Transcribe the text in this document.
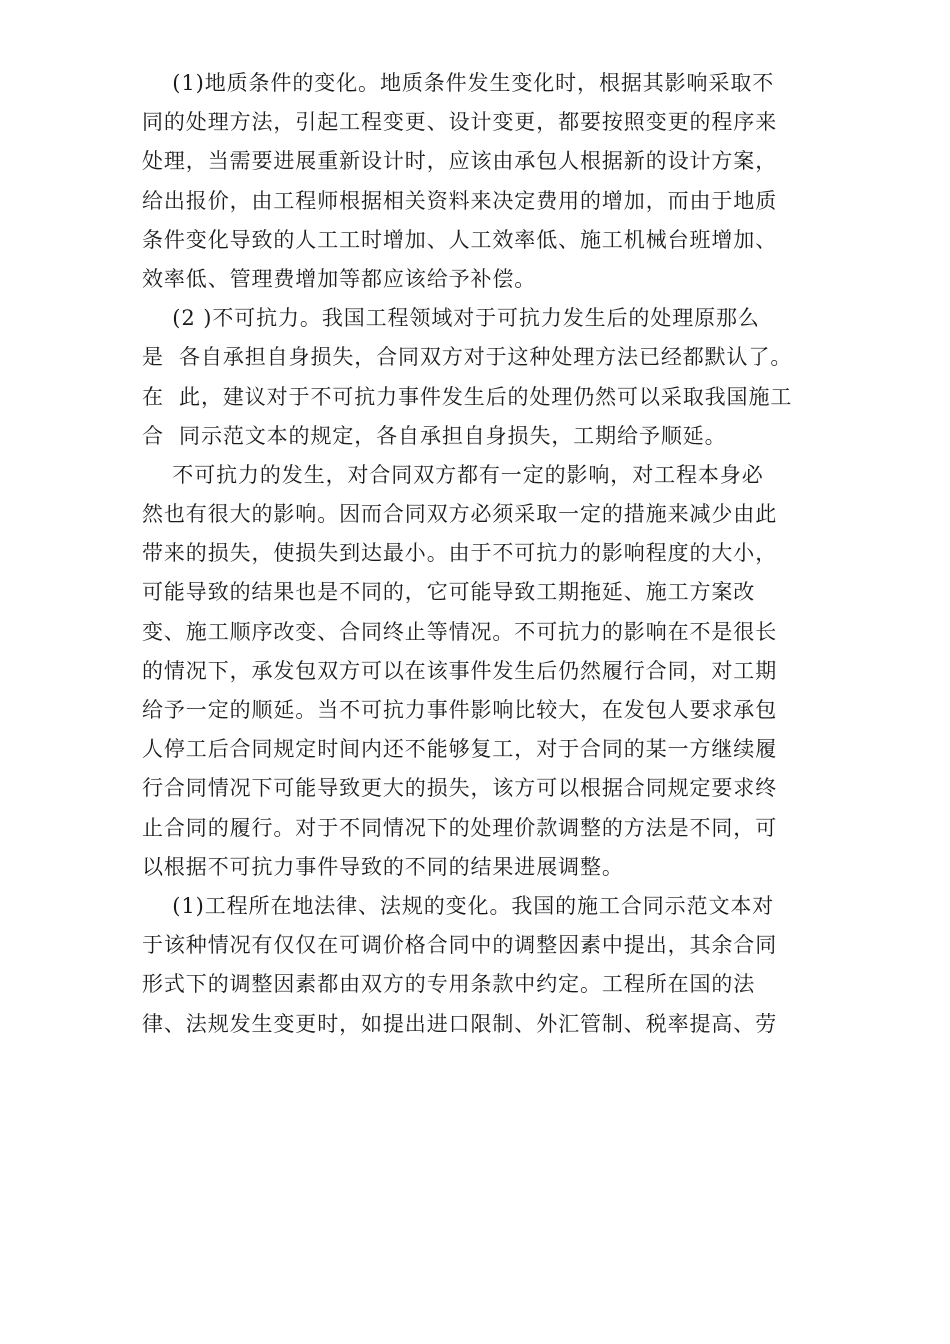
(1)地质条件的变化。地质条件发生变化时，根据其影响采取不
同的处理方法，引起工程变更、设计变更，都要按照变更的程序来
处理，当需要进展重新设计时，应该由承包人根据新的设计方案，
给出报价，由工程师根据相关资料来决定费用的增加，而由于地质
条件变化导致的人工工时增加、人工效率低、施工机械台班增加、
效率低、管理费增加等都应该给予补偿。
(2 )不可抗力。我国工程领域对于可抗力发生后的处理原那么
是  各自承担自身损失，合同双方对于这种处理方法已经都默认了。
在  此，建议对于不可抗力事件发生后的处理仍然可以采取我国施工
合  同示范文本的规定，各自承担自身损失，工期给予顺延。
不可抗力的发生，对合同双方都有一定的影响，对工程本身必
然也有很大的影响。因而合同双方必须采取一定的措施来减少由此
带来的损失，使损失到达最小。由于不可抗力的影响程度的大小，
可能导致的结果也是不同的，它可能导致工期拖延、施工方案改
变、施工顺序改变、合同终止等情况。不可抗力的影响在不是很长
的情况下，承发包双方可以在该事件发生后仍然履行合同，对工期
给予一定的顺延。当不可抗力事件影响比较大，在发包人要求承包
人停工后合同规定时间内还不能够复工，对于合同的某一方继续履
行合同情况下可能导致更大的损失，该方可以根据合同规定要求终
止合同的履行。对于不同情况下的处理价款调整的方法是不同，可
以根据不可抗力事件导致的不同的结果进展调整。
(1)工程所在地法律、法规的变化。我国的施工合同示范文本对
于该种情况有仅仅在可调价格合同中的调整因素中提出，其余合同
形式下的调整因素都由双方的专用条款中约定。工程所在国的法
律、法规发生变更时，如提出进口限制、外汇管制、税率提高、劳
